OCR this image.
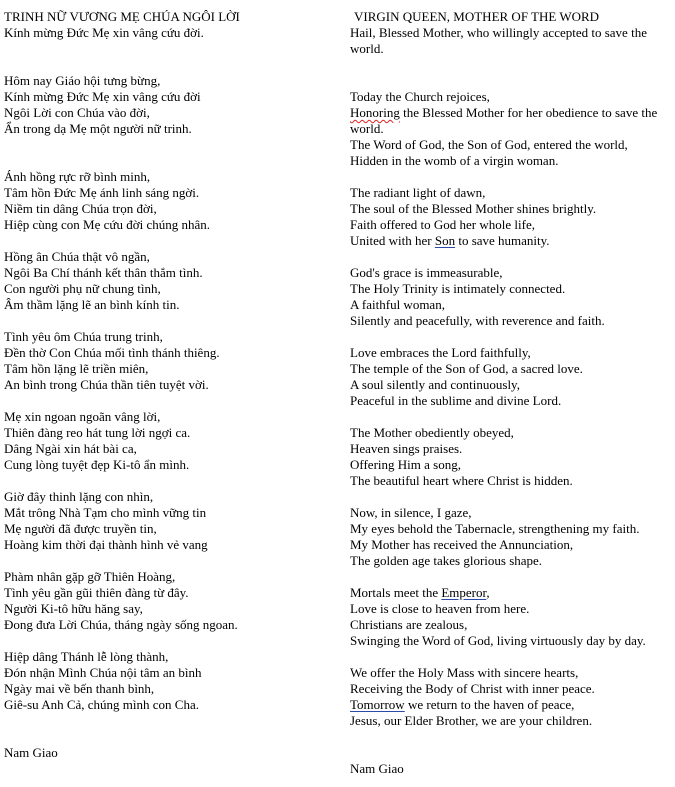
TRINH NỮ VƯƠNG MẸ CHÚA NGÔI LỜI
Kính mừng Đức Mẹ xin vâng cứu đời.
Hôm nay Giáo hội tưng bừng,
Kính mừng Đức Mẹ xin vâng cứu đời
Ngôi Lời con Chúa vào đời,
Ẩn trong dạ Mẹ một người nữ trinh.
Ánh hồng rực rỡ bình minh,
Tâm hồn Đức Mẹ ánh linh sáng ngời.
Niềm tin dâng Chúa trọn đời,
Hiệp cùng con Mẹ cứu đời chúng nhân.
Hồng ân Chúa thật vô ngần,
Ngôi Ba Chí thánh kết thân thắm tình.
Con người phụ nữ chung tình,
Âm thầm lặng lẽ an bình kính tin.
Tình yêu ôm Chúa trung trinh,
Đền thờ Con Chúa mối tình thánh thiêng.
Tâm hồn lặng lẽ triền miên,
An bình trong Chúa thần tiên tuyệt vời.
Mẹ xin ngoan ngoãn vâng lời,
Thiên đàng reo hát tung lời ngợi ca.
Dâng Ngài xin hát bài ca,
Cung lòng tuyệt đẹp Ki-tô ẩn mình.
Giờ đây thinh lặng con nhìn,
Mắt trông Nhà Tạm cho mình vững tin
Mẹ người đã được truyền tin,
Hoàng kim thời đại thành hình vẻ vang
Phàm nhân gặp gỡ Thiên Hoàng,
Tình yêu gần gũi thiên đàng từ đây.
Người Ki-tô hữu hăng say,
Đong đưa Lời Chúa, tháng ngày sống ngoan.
Hiệp dâng Thánh lễ lòng thành,
Đón nhận Mình Chúa nội tâm an bình
Ngày mai về bến thanh bình,
Giê-su Anh Cả, chúng mình con Cha.
Nam Giao
VIRGIN QUEEN, MOTHER OF THE WORD
Hail, Blessed Mother, who willingly accepted to save the world.
Today the Church rejoices,
Honoring the Blessed Mother for her obedience to save the world.
The Word of God, the Son of God, entered the world,
Hidden in the womb of a virgin woman.
The radiant light of dawn,
The soul of the Blessed Mother shines brightly.
Faith offered to God her whole life,
United with her Son to save humanity.
God's grace is immeasurable,
The Holy Trinity is intimately connected.
A faithful woman,
Silently and peacefully, with reverence and faith.
Love embraces the Lord faithfully,
The temple of the Son of God, a sacred love.
A soul silently and continuously,
Peaceful in the sublime and divine Lord.
The Mother obediently obeyed,
Heaven sings praises.
Offering Him a song,
The beautiful heart where Christ is hidden.
Now, in silence, I gaze,
My eyes behold the Tabernacle, strengthening my faith.
My Mother has received the Annunciation,
The golden age takes glorious shape.
Mortals meet the Emperor,
Love is close to heaven from here.
Christians are zealous,
Swinging the Word of God, living virtuously day by day.
We offer the Holy Mass with sincere hearts,
Receiving the Body of Christ with inner peace.
Tomorrow we return to the haven of peace,
Jesus, our Elder Brother, we are your children.
Nam Giao
